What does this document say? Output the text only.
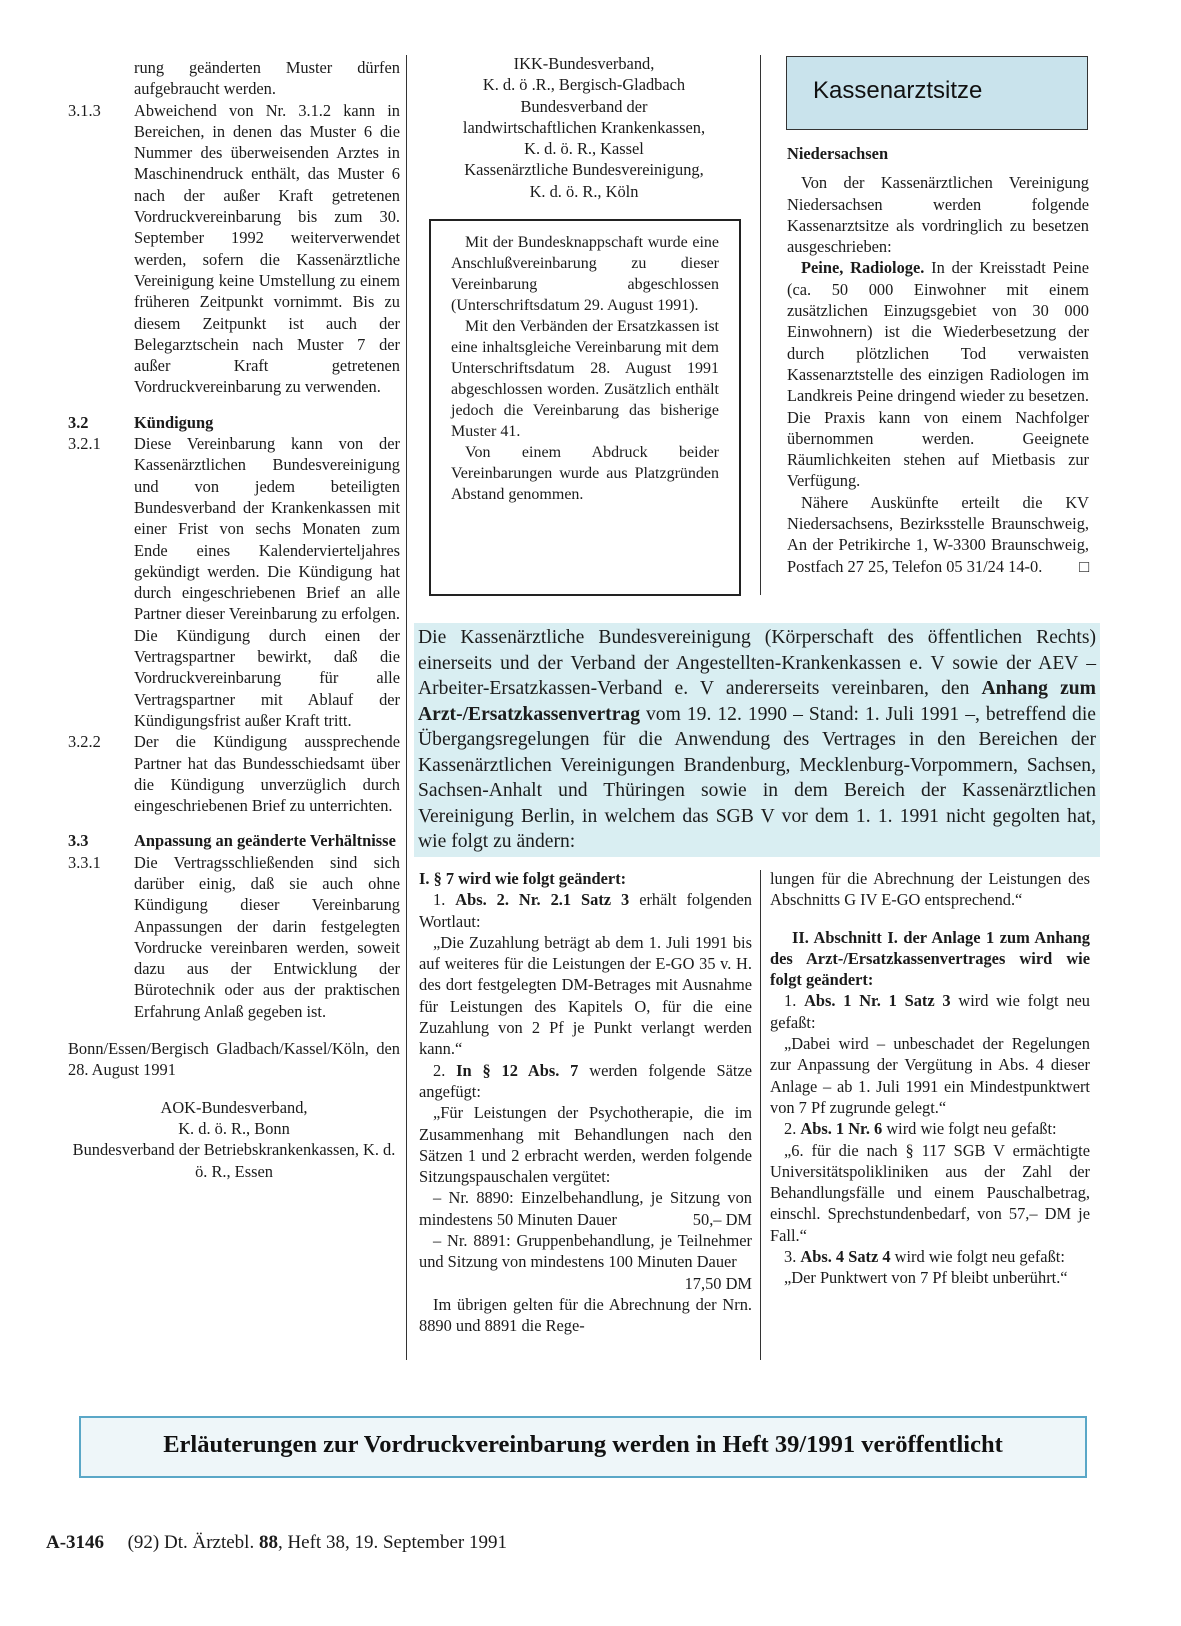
rung geänderten Muster dürfen aufgebraucht werden.
3.1.3	Abweichend von Nr. 3.1.2 kann in Bereichen, in denen das Muster 6 die Nummer des überweisenden Arztes in Maschinendruck enthält, das Muster 6 nach der außer Kraft getretenen Vordruckvereinbarung bis zum 30. September 1992 weiterverwendet werden, sofern die Kassenärztliche Vereinigung keine Umstellung zu einem früheren Zeitpunkt vornimmt. Bis zu diesem Zeitpunkt ist auch der Belegarztschein nach Muster 7 der außer Kraft getretenen Vordruckvereinbarung zu verwenden.
3.2	Kündigung
3.2.1	Diese Vereinbarung kann von der Kassenärztlichen Bundesvereinigung und von jedem beteiligten Bundesverband der Krankenkassen mit einer Frist von sechs Monaten zum Ende eines Kalendervierteljahres gekündigt werden. Die Kündigung hat durch eingeschriebenen Brief an alle Partner dieser Vereinbarung zu erfolgen. Die Kündigung durch einen der Vertragspartner bewirkt, daß die Vordruckvereinbarung für alle Vertragspartner mit Ablauf der Kündigungsfrist außer Kraft tritt.
3.2.2	Der die Kündigung aussprechende Partner hat das Bundesschiedsamt über die Kündigung unverzüglich durch eingeschriebenen Brief zu unterrichten.
3.3	Anpassung an geänderte Verhältnisse
3.3.1	Die Vertragsschließenden sind sich darüber einig, daß sie auch ohne Kündigung dieser Vereinbarung Anpassungen der darin festgelegten Vordrucke vereinbaren werden, soweit dazu aus der Entwicklung der Bürotechnik oder aus der praktischen Erfahrung Anlaß gegeben ist.
Bonn/Essen/Bergisch Gladbach/Kassel/Köln, den 28. August 1991
AOK-Bundesverband,
K. d. ö. R., Bonn
Bundesverband der Betriebskrankenkassen, K. d. ö. R., Essen
IKK-Bundesverband,
K. d. ö .R., Bergisch-Gladbach
Bundesverband der
landwirtschaftlichen Krankenkassen,
K. d. ö. R., Kassel
Kassenärztliche Bundesvereinigung,
K. d. ö. R., Köln
Mit der Bundesknappschaft wurde eine Anschlußvereinbarung zu dieser Vereinbarung abgeschlossen (Unterschriftsdatum 29. August 1991).
Mit den Verbänden der Ersatzkassen ist eine inhaltsgleiche Vereinbarung mit dem Unterschriftsdatum 28. August 1991 abgeschlossen worden. Zusätzlich enthält jedoch die Vereinbarung das bisherige Muster 41.
Von einem Abdruck beider Vereinbarungen wurde aus Platzgründen Abstand genommen.
Kassenarztsitze
Niedersachsen
Von der Kassenärztlichen Vereinigung Niedersachsen werden folgende Kassenarztsitze als vordringlich zu besetzen ausgeschrieben:
Peine, Radiologe. In der Kreisstadt Peine (ca. 50 000 Einwohner mit einem zusätzlichen Einzugsgebiet von 30 000 Einwohnern) ist die Wiederbesetzung der durch plötzlichen Tod verwaisten Kassenarztstelle des einzigen Radiologen im Landkreis Peine dringend wieder zu besetzen. Die Praxis kann von einem Nachfolger übernommen werden. Geeignete Räumlichkeiten stehen auf Mietbasis zur Verfügung.
Nähere Auskünfte erteilt die KV Niedersachsens, Bezirksstelle Braunschweig, An der Petrikirche 1, W-3300 Braunschweig, Postfach 27 25, Telefon 05 31/24 14-0.	□
Die Kassenärztliche Bundesvereinigung (Körperschaft des öffentlichen Rechts) einerseits und der Verband der Angestellten-Krankenkassen e. V sowie der AEV – Arbeiter-Ersatzkassen-Verband e. V andererseits vereinbaren, den Anhang zum Arzt-/Ersatzkassenvertrag vom 19. 12. 1990 – Stand: 1. Juli 1991 –, betreffend die Übergangsregelungen für die Anwendung des Vertrages in den Bereichen der Kassenärztlichen Vereinigungen Brandenburg, Mecklenburg-Vorpommern, Sachsen, Sachsen-Anhalt und Thüringen sowie in dem Bereich der Kassenärztlichen Vereinigung Berlin, in welchem das SGB V vor dem 1. 1. 1991 nicht gegolten hat, wie folgt zu ändern:
I. § 7 wird wie folgt geändert:
1. Abs. 2. Nr. 2.1 Satz 3 erhält folgenden Wortlaut:
„Die Zuzahlung beträgt ab dem 1. Juli 1991 bis auf weiteres für die Leistungen der E-GO 35 v. H. des dort festgelegten DM-Betrages mit Ausnahme für Leistungen des Kapitels O, für die eine Zuzahlung von 2 Pf je Punkt verlangt werden kann.“
2. In § 12 Abs. 7 werden folgende Sätze angefügt:
„Für Leistungen der Psychotherapie, die im Zusammenhang mit Behandlungen nach den Sätzen 1 und 2 erbracht werden, werden folgende Sitzungspauschalen vergütet:
– Nr. 8890: Einzelbehandlung, je Sitzung von mindestens 50 Minuten Dauer	50,– DM
– Nr. 8891: Gruppenbehandlung, je Teilnehmer und Sitzung von mindestens 100 Minuten Dauer
17,50 DM
Im übrigen gelten für die Abrechnung der Nrn. 8890 und 8891 die Rege-
lungen für die Abrechnung der Leistungen des Abschnitts G IV E-GO entsprechend.“
II. Abschnitt I. der Anlage 1 zum Anhang des Arzt-/Ersatzkassenvertrages wird wie folgt geändert:
1. Abs. 1 Nr. 1 Satz 3 wird wie folgt neu gefaßt:
„Dabei wird – unbeschadet der Regelungen zur Anpassung der Vergütung in Abs. 4 dieser Anlage – ab 1. Juli 1991 ein Mindestpunktwert von 7 Pf zugrunde gelegt.“
2. Abs. 1 Nr. 6 wird wie folgt neu gefaßt:
„6. für die nach § 117 SGB V ermächtigte Universitätspolikliniken aus der Zahl der Behandlungsfälle und einem Pauschalbetrag, einschl. Sprechstundenbedarf, von 57,– DM je Fall.“
3. Abs. 4 Satz 4 wird wie folgt neu gefaßt:
„Der Punktwert von 7 Pf bleibt unberührt.“
Erläuterungen zur Vordruckvereinbarung werden in Heft 39/1991 veröffentlicht
A-3146 (92) Dt. Ärztebl. 88, Heft 38, 19. September 1991
